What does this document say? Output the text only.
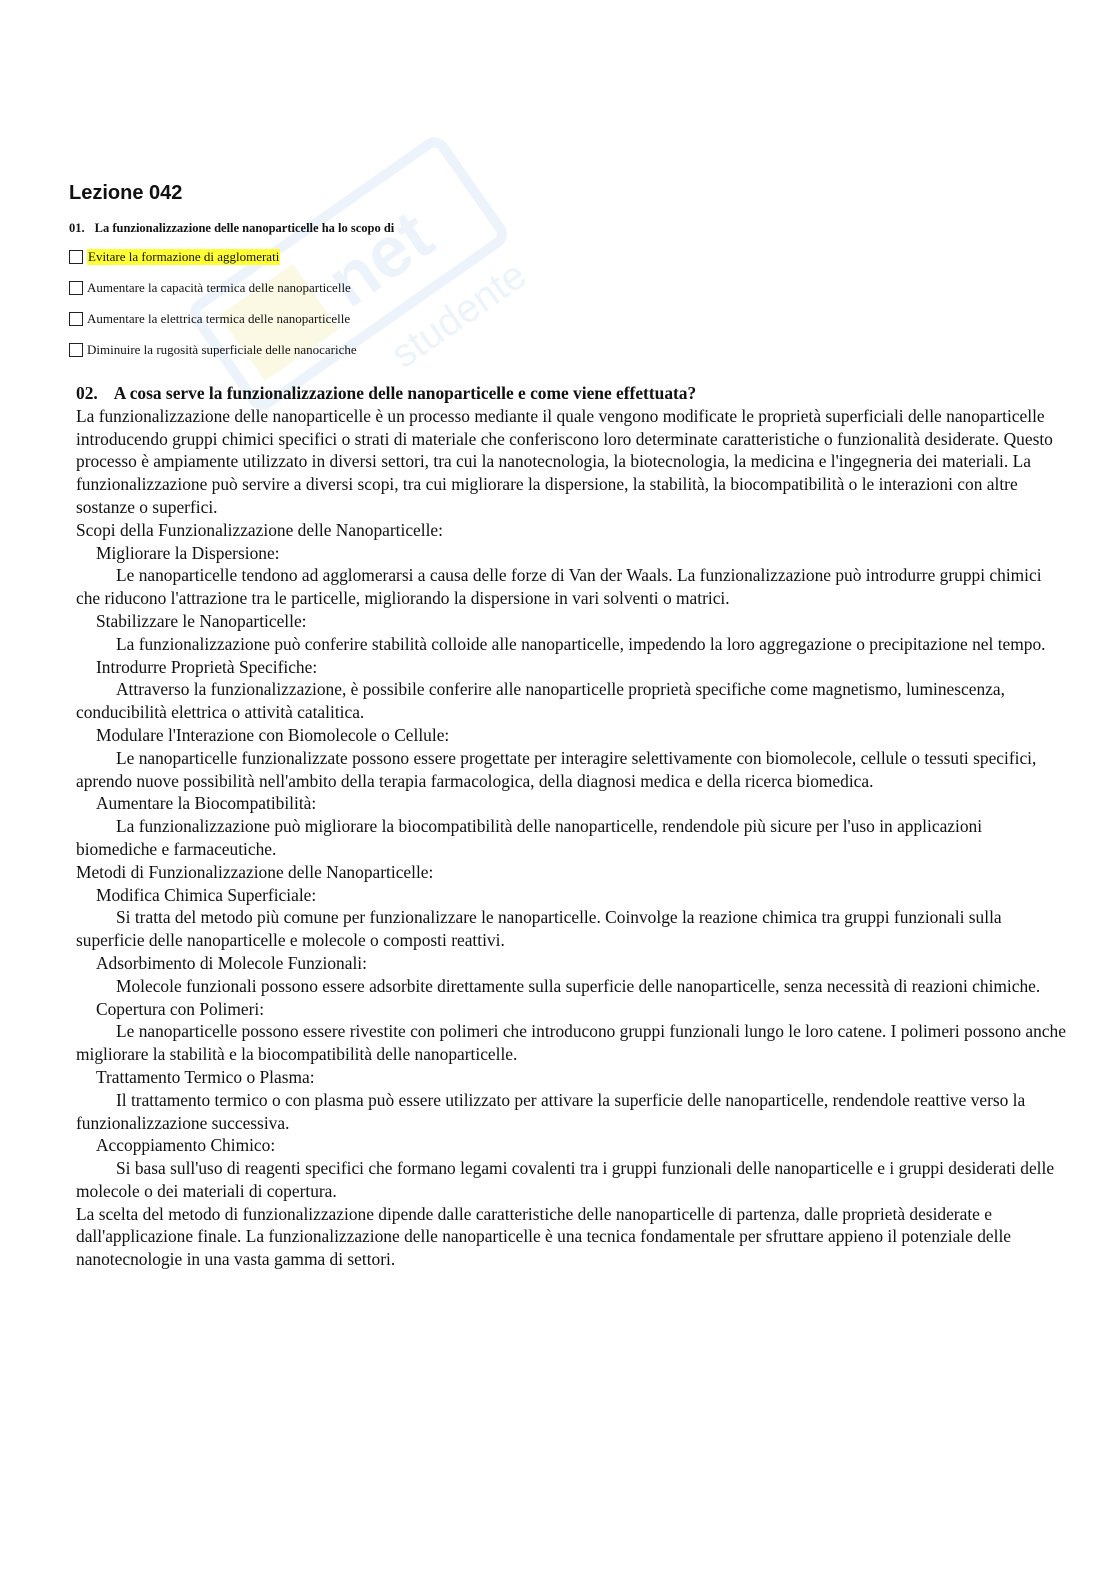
net
studente
Lezione 042
01. La funzionalizzazione delle nanoparticelle ha lo scopo di
Evitare la formazione di agglomerati
Aumentare la capacità termica delle nanoparticelle
Aumentare la elettrica termica delle nanoparticelle
Diminuire la rugosità superficiale delle nanocariche

02. A cosa serve la funzionalizzazione delle nanoparticelle e come viene effettuata?

La funzionalizzazione delle nanoparticelle è un processo mediante il quale vengono modificate le proprietà superficiali delle nanoparticelle introducendo gruppi chimici specifici o strati di materiale che conferiscono loro determinate caratteristiche o funzionalità desiderate. Questo processo è ampiamente utilizzato in diversi settori, tra cui la nanotecnologia, la biotecnologia, la medicina e l'ingegneria dei materiali. La funzionalizzazione può servire a diversi scopi, tra cui migliorare la dispersione, la stabilità, la biocompatibilità o le interazioni con altre sostanze o superfici.

Scopi della Funzionalizzazione delle Nanoparticelle:

Migliorare la Dispersione:

Le nanoparticelle tendono ad agglomerarsi a causa delle forze di Van der Waals. La funzionalizzazione può introdurre gruppi chimici che riducono l'attrazione tra le particelle, migliorando la dispersione in vari solventi o matrici.

Stabilizzare le Nanoparticelle:

La funzionalizzazione può conferire stabilità colloide alle nanoparticelle, impedendo la loro aggregazione o precipitazione nel tempo.

Introdurre Proprietà Specifiche:

Attraverso la funzionalizzazione, è possibile conferire alle nanoparticelle proprietà specifiche come magnetismo, luminescenza, conducibilità elettrica o attività catalitica.

Modulare l'Interazione con Biomolecole o Cellule:

Le nanoparticelle funzionalizzate possono essere progettate per interagire selettivamente con biomolecole, cellule o tessuti specifici, aprendo nuove possibilità nell'ambito della terapia farmacologica, della diagnosi medica e della ricerca biomedica.

Aumentare la Biocompatibilità:

La funzionalizzazione può migliorare la biocompatibilità delle nanoparticelle, rendendole più sicure per l'uso in applicazioni biomediche e farmaceutiche.

Metodi di Funzionalizzazione delle Nanoparticelle:

Modifica Chimica Superficiale:

Si tratta del metodo più comune per funzionalizzare le nanoparticelle. Coinvolge la reazione chimica tra gruppi funzionali sulla superficie delle nanoparticelle e molecole o composti reattivi.

Adsorbimento di Molecole Funzionali:

Molecole funzionali possono essere adsorbite direttamente sulla superficie delle nanoparticelle, senza necessità di reazioni chimiche.

Copertura con Polimeri:

Le nanoparticelle possono essere rivestite con polimeri che introducono gruppi funzionali lungo le loro catene. I polimeri possono anche migliorare la stabilità e la biocompatibilità delle nanoparticelle.

Trattamento Termico o Plasma:

Il trattamento termico o con plasma può essere utilizzato per attivare la superficie delle nanoparticelle, rendendole reattive verso la funzionalizzazione successiva.

Accoppiamento Chimico:

Si basa sull'uso di reagenti specifici che formano legami covalenti tra i gruppi funzionali delle nanoparticelle e i gruppi desiderati delle molecole o dei materiali di copertura.

La scelta del metodo di funzionalizzazione dipende dalle caratteristiche delle nanoparticelle di partenza, dalle proprietà desiderate e dall'applicazione finale. La funzionalizzazione delle nanoparticelle è una tecnica fondamentale per sfruttare appieno il potenziale delle nanotecnologie in una vasta gamma di settori.
